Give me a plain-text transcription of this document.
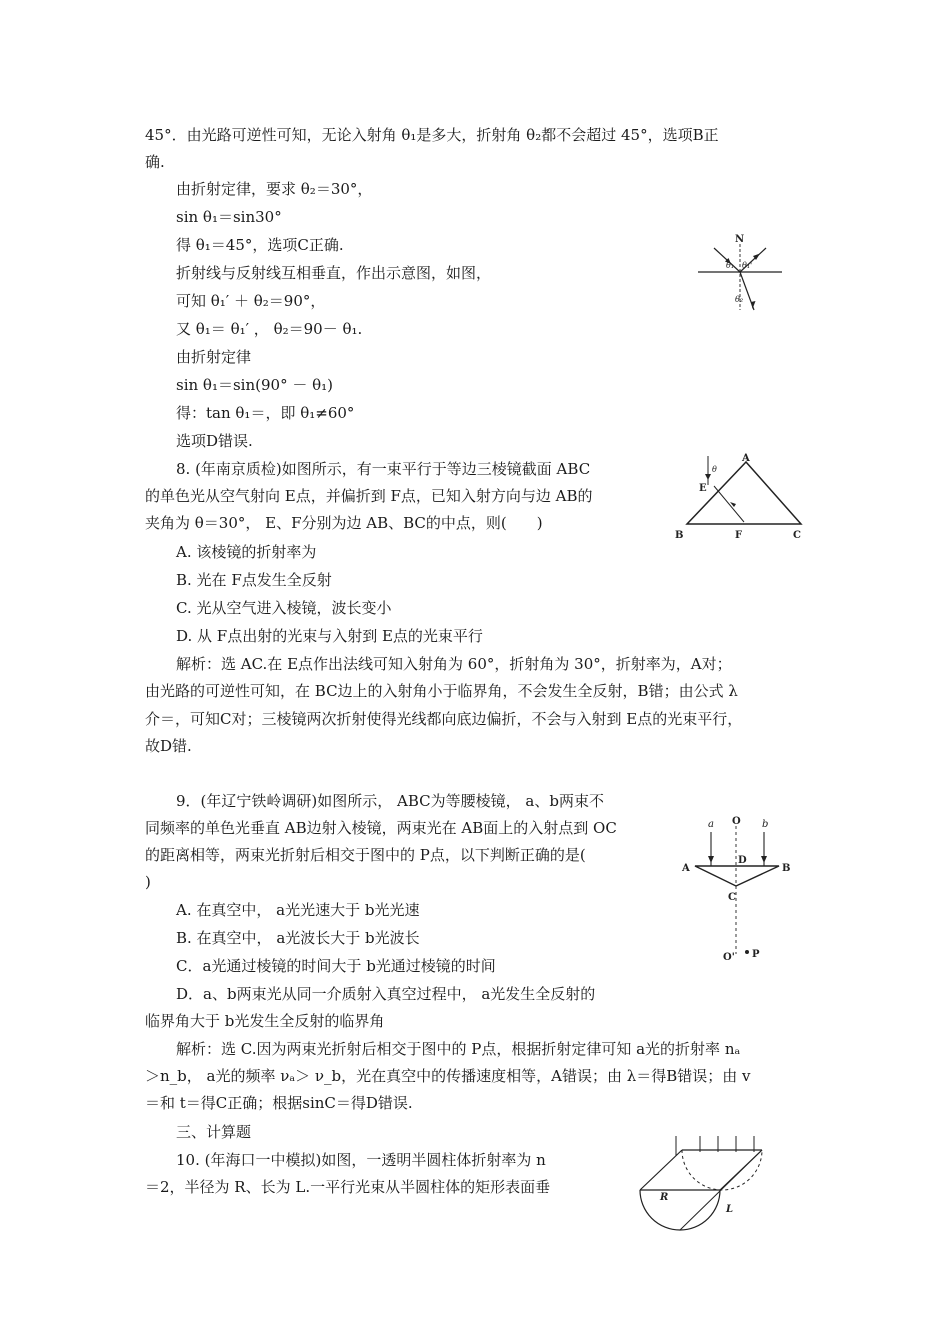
45°．由光路可逆性可知，无论入射角 θ₁是多大，折射角 θ₂都不会超过 45°，选项B正
确.
由折射定律，要求 θ₂＝30°，
sin θ₁＝sin30°
得 θ₁＝45°，选项C正确.
折射线与反射线互相垂直，作出示意图，如图，
可知 θ₁′ ＋ θ₂＝90°，
又 θ₁＝ θ₁′ ， θ₂＝90－ θ₁.
由折射定律
sin θ₁＝sin(90° － θ₁)
得：tan θ₁＝，即 θ₁≠60°
选项D错误.
8. (年南京质检)如图所示，有一束平行于等边三棱镜截面 ABC
的单色光从空气射向 E点，并偏折到 F点，已知入射方向与边 AB的
夹角为 θ＝30°， E、F分别为边 AB、BC的中点，则(　　)
A. 该棱镜的折射率为
B. 光在 F点发生全反射
C. 光从空气进入棱镜，波长变小
D. 从 F点出射的光束与入射到 E点的光束平行
解析：选 AC.在 E点作出法线可知入射角为 60°，折射角为 30°，折射率为，A对；
由光路的可逆性可知，在 BC边上的入射角小于临界角，不会发生全反射，B错；由公式 λ
介＝，可知C对；三棱镜两次折射使得光线都向底边偏折，不会与入射到 E点的光束平行，
故D错.
9．(年辽宁铁岭调研)如图所示， ABC为等腰棱镜， a、b两束不
同频率的单色光垂直 AB边射入棱镜，两束光在 AB面上的入射点到 OC
的距离相等，两束光折射后相交于图中的 P点，以下判断正确的是(
)
A. 在真空中， a光光速大于 b光光速
B. 在真空中， a光波长大于 b光波长
C．a光通过棱镜的时间大于 b光通过棱镜的时间
D．a、b两束光从同一介质射入真空过程中， a光发生全反射的
临界角大于 b光发生全反射的临界角
解析：选 C.因为两束光折射后相交于图中的 P点，根据折射定律可知 a光的折射率 nₐ
＞n_b， a光的频率 νₐ＞ ν_b，光在真空中的传播速度相等，A错误；由 λ＝得B错误；由 v
＝和 t＝得C正确；根据sinC＝得D错误.
三、计算题
10. (年海口一中模拟)如图，一透明半圆柱体折射率为 n
＝2，半径为 R、长为 L.一平行光束从半圆柱体的矩形表面垂
N
θ₁ θ₁'
θ₂
A
B	C
E
F
θ
a O b
A
D
B
C
O' P
R
L
